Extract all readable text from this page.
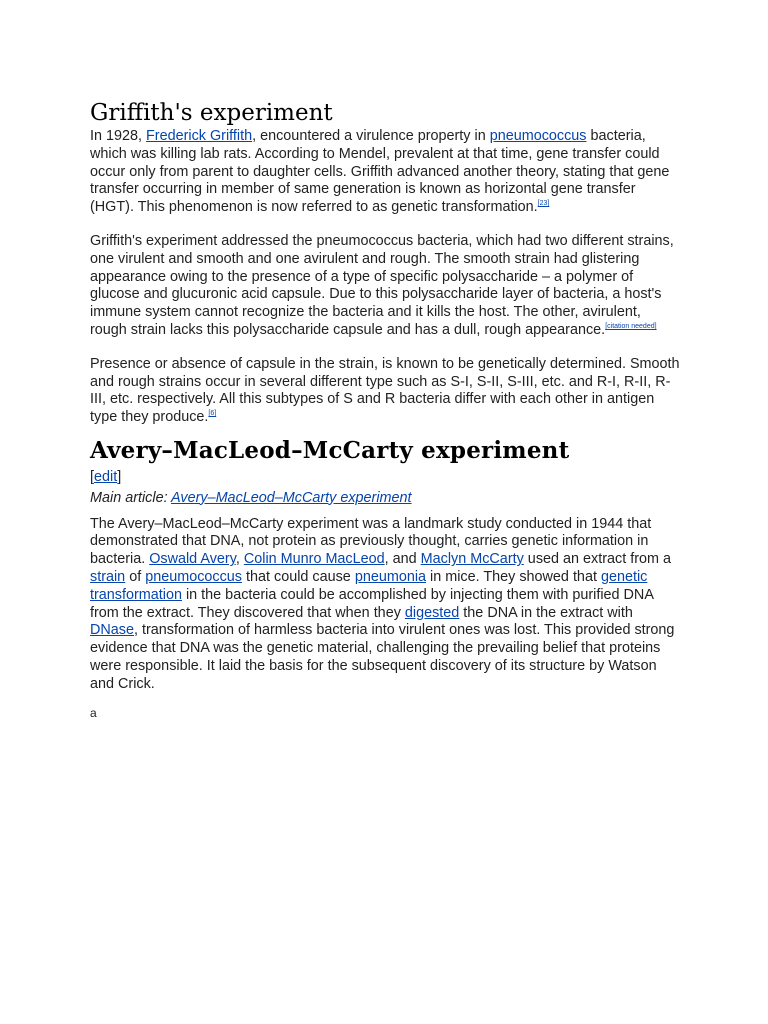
Griffith's experiment

In 1928, Frederick Griffith, encountered a virulence property in pneumococcus bacteria, which was killing lab rats. According to Mendel, prevalent at that time, gene transfer could occur only from parent to daughter cells. Griffith advanced another theory, stating that gene transfer occurring in member of same generation is known as horizontal gene transfer (HGT). This phenomenon is now referred to as genetic transformation.[23]

Griffith's experiment addressed the pneumococcus bacteria, which had two different strains, one virulent and smooth and one avirulent and rough. The smooth strain had glistering appearance owing to the presence of a type of specific polysaccharide – a polymer of glucose and glucuronic acid capsule. Due to this polysaccharide layer of bacteria, a host's immune system cannot recognize the bacteria and it kills the host. The other, avirulent, rough strain lacks this polysaccharide capsule and has a dull, rough appearance.[citation needed]

Presence or absence of capsule in the strain, is known to be genetically determined. Smooth and rough strains occur in several different type such as S-I, S-II, S-III, etc. and R-I, R-II, R-III, etc. respectively. All this subtypes of S and R bacteria differ with each other in antigen type they produce.[6]

Avery–MacLeod–McCarty experiment

[edit]

Main article: Avery–MacLeod–McCarty experiment

The Avery–MacLeod–McCarty experiment was a landmark study conducted in 1944 that demonstrated that DNA, not protein as previously thought, carries genetic information in bacteria. Oswald Avery, Colin Munro MacLeod, and Maclyn McCarty used an extract from a strain of pneumococcus that could cause pneumonia in mice. They showed that genetic transformation in the bacteria could be accomplished by injecting them with purified DNA from the extract. They discovered that when they digested the DNA in the extract with DNase, transformation of harmless bacteria into virulent ones was lost. This provided strong evidence that DNA was the genetic material, challenging the prevailing belief that proteins were responsible. It laid the basis for the subsequent discovery of its structure by Watson and Crick.

a
